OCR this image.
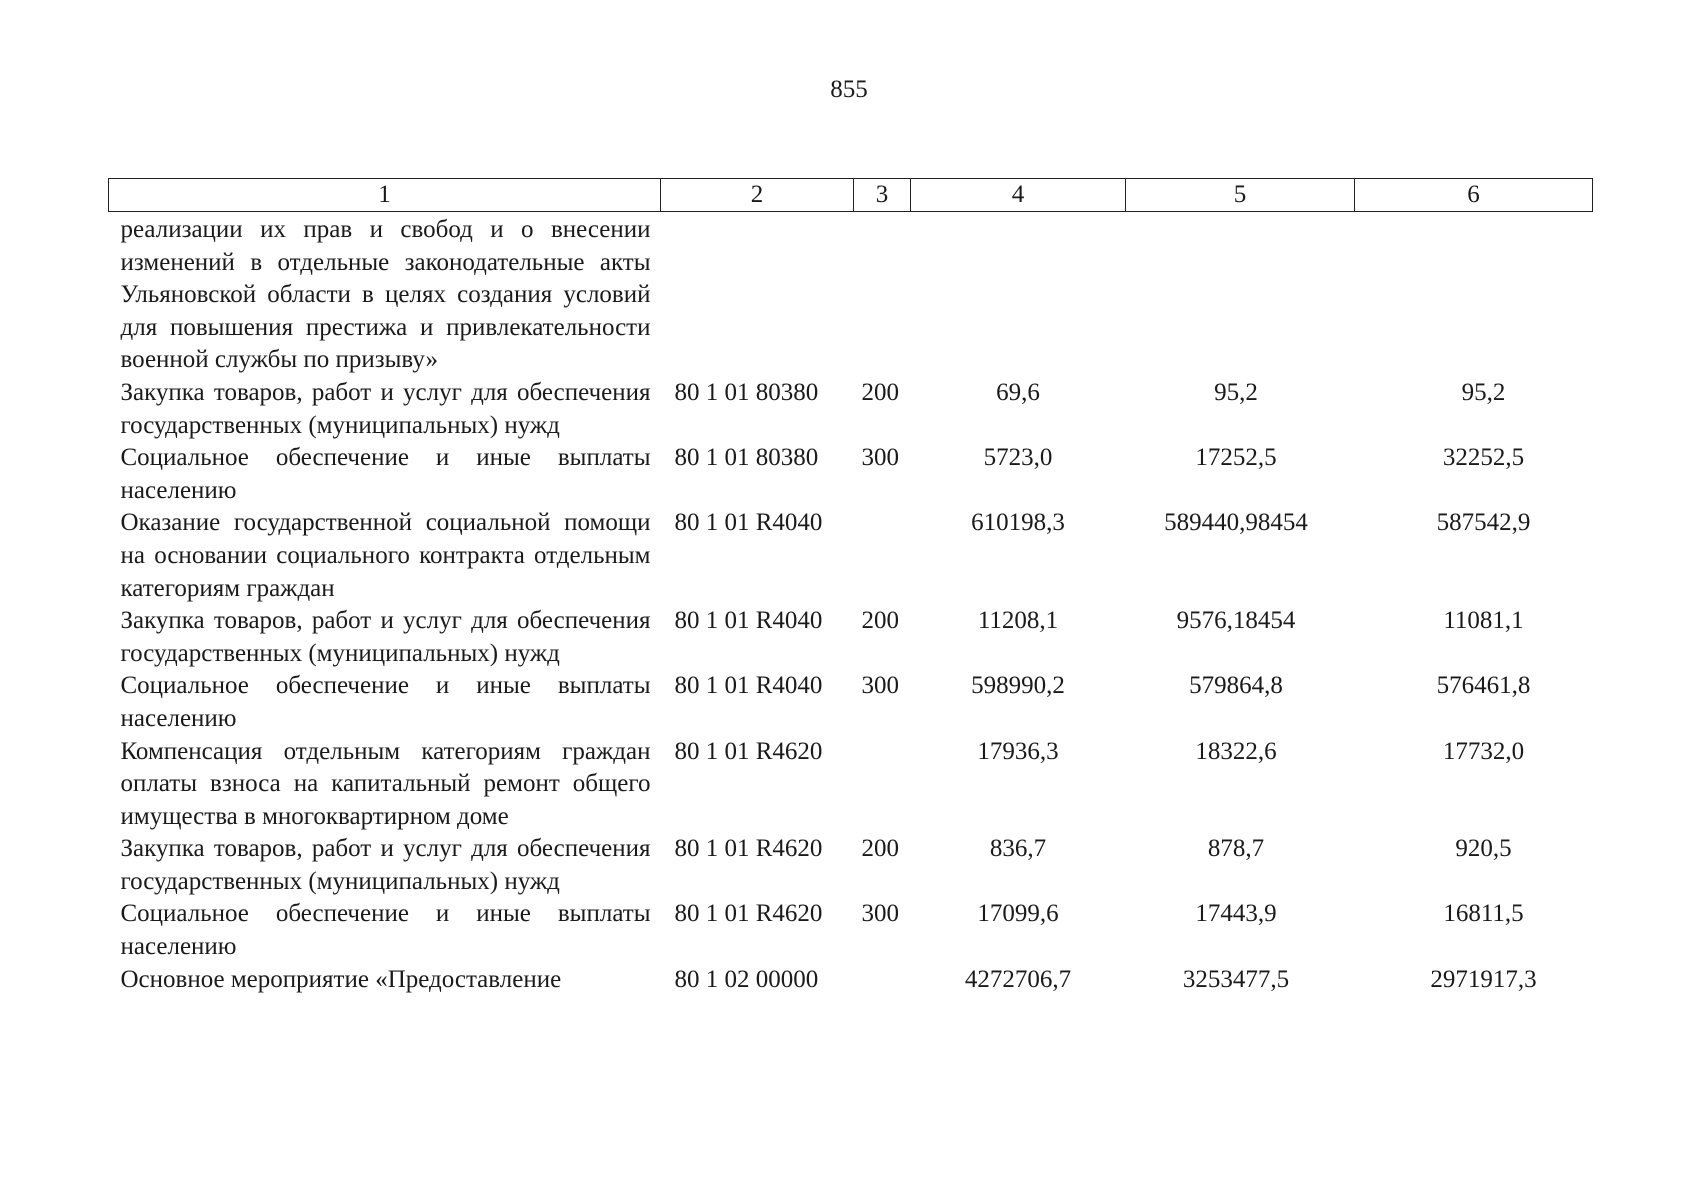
855
1	2	3	4	5	6
реализации их прав и свобод и о внесении изменений в отдельные законодательные акты Ульяновской области в целях создания условий для повышения престижа и привлекательности военной службы по призыву»					
Закупка товаров, работ и услуг для обеспечения государственных (муниципальных) нужд	80 1 01 80380	200	69,6	95,2	95,2
Социальное обеспечение и иные выплаты населению	80 1 01 80380	300	5723,0	17252,5	32252,5
Оказание государственной социальной помощи на основании социального контракта отдельным категориям граждан	80 1 01 R4040		610198,3	589440,98454	587542,9
Закупка товаров, работ и услуг для обеспечения государственных (муниципальных) нужд	80 1 01 R4040	200	11208,1	9576,18454	11081,1
Социальное обеспечение и иные выплаты населению	80 1 01 R4040	300	598990,2	579864,8	576461,8
Компенсация отдельным категориям граждан оплаты взноса на капитальный ремонт общего имущества в многоквартирном доме	80 1 01 R4620		17936,3	18322,6	17732,0
Закупка товаров, работ и услуг для обеспечения государственных (муниципальных) нужд	80 1 01 R4620	200	836,7	878,7	920,5
Социальное обеспечение и иные выплаты населению	80 1 01 R4620	300	17099,6	17443,9	16811,5
Основное мероприятие «Предоставление	80 1 02 00000		4272706,7	3253477,5	2971917,3
